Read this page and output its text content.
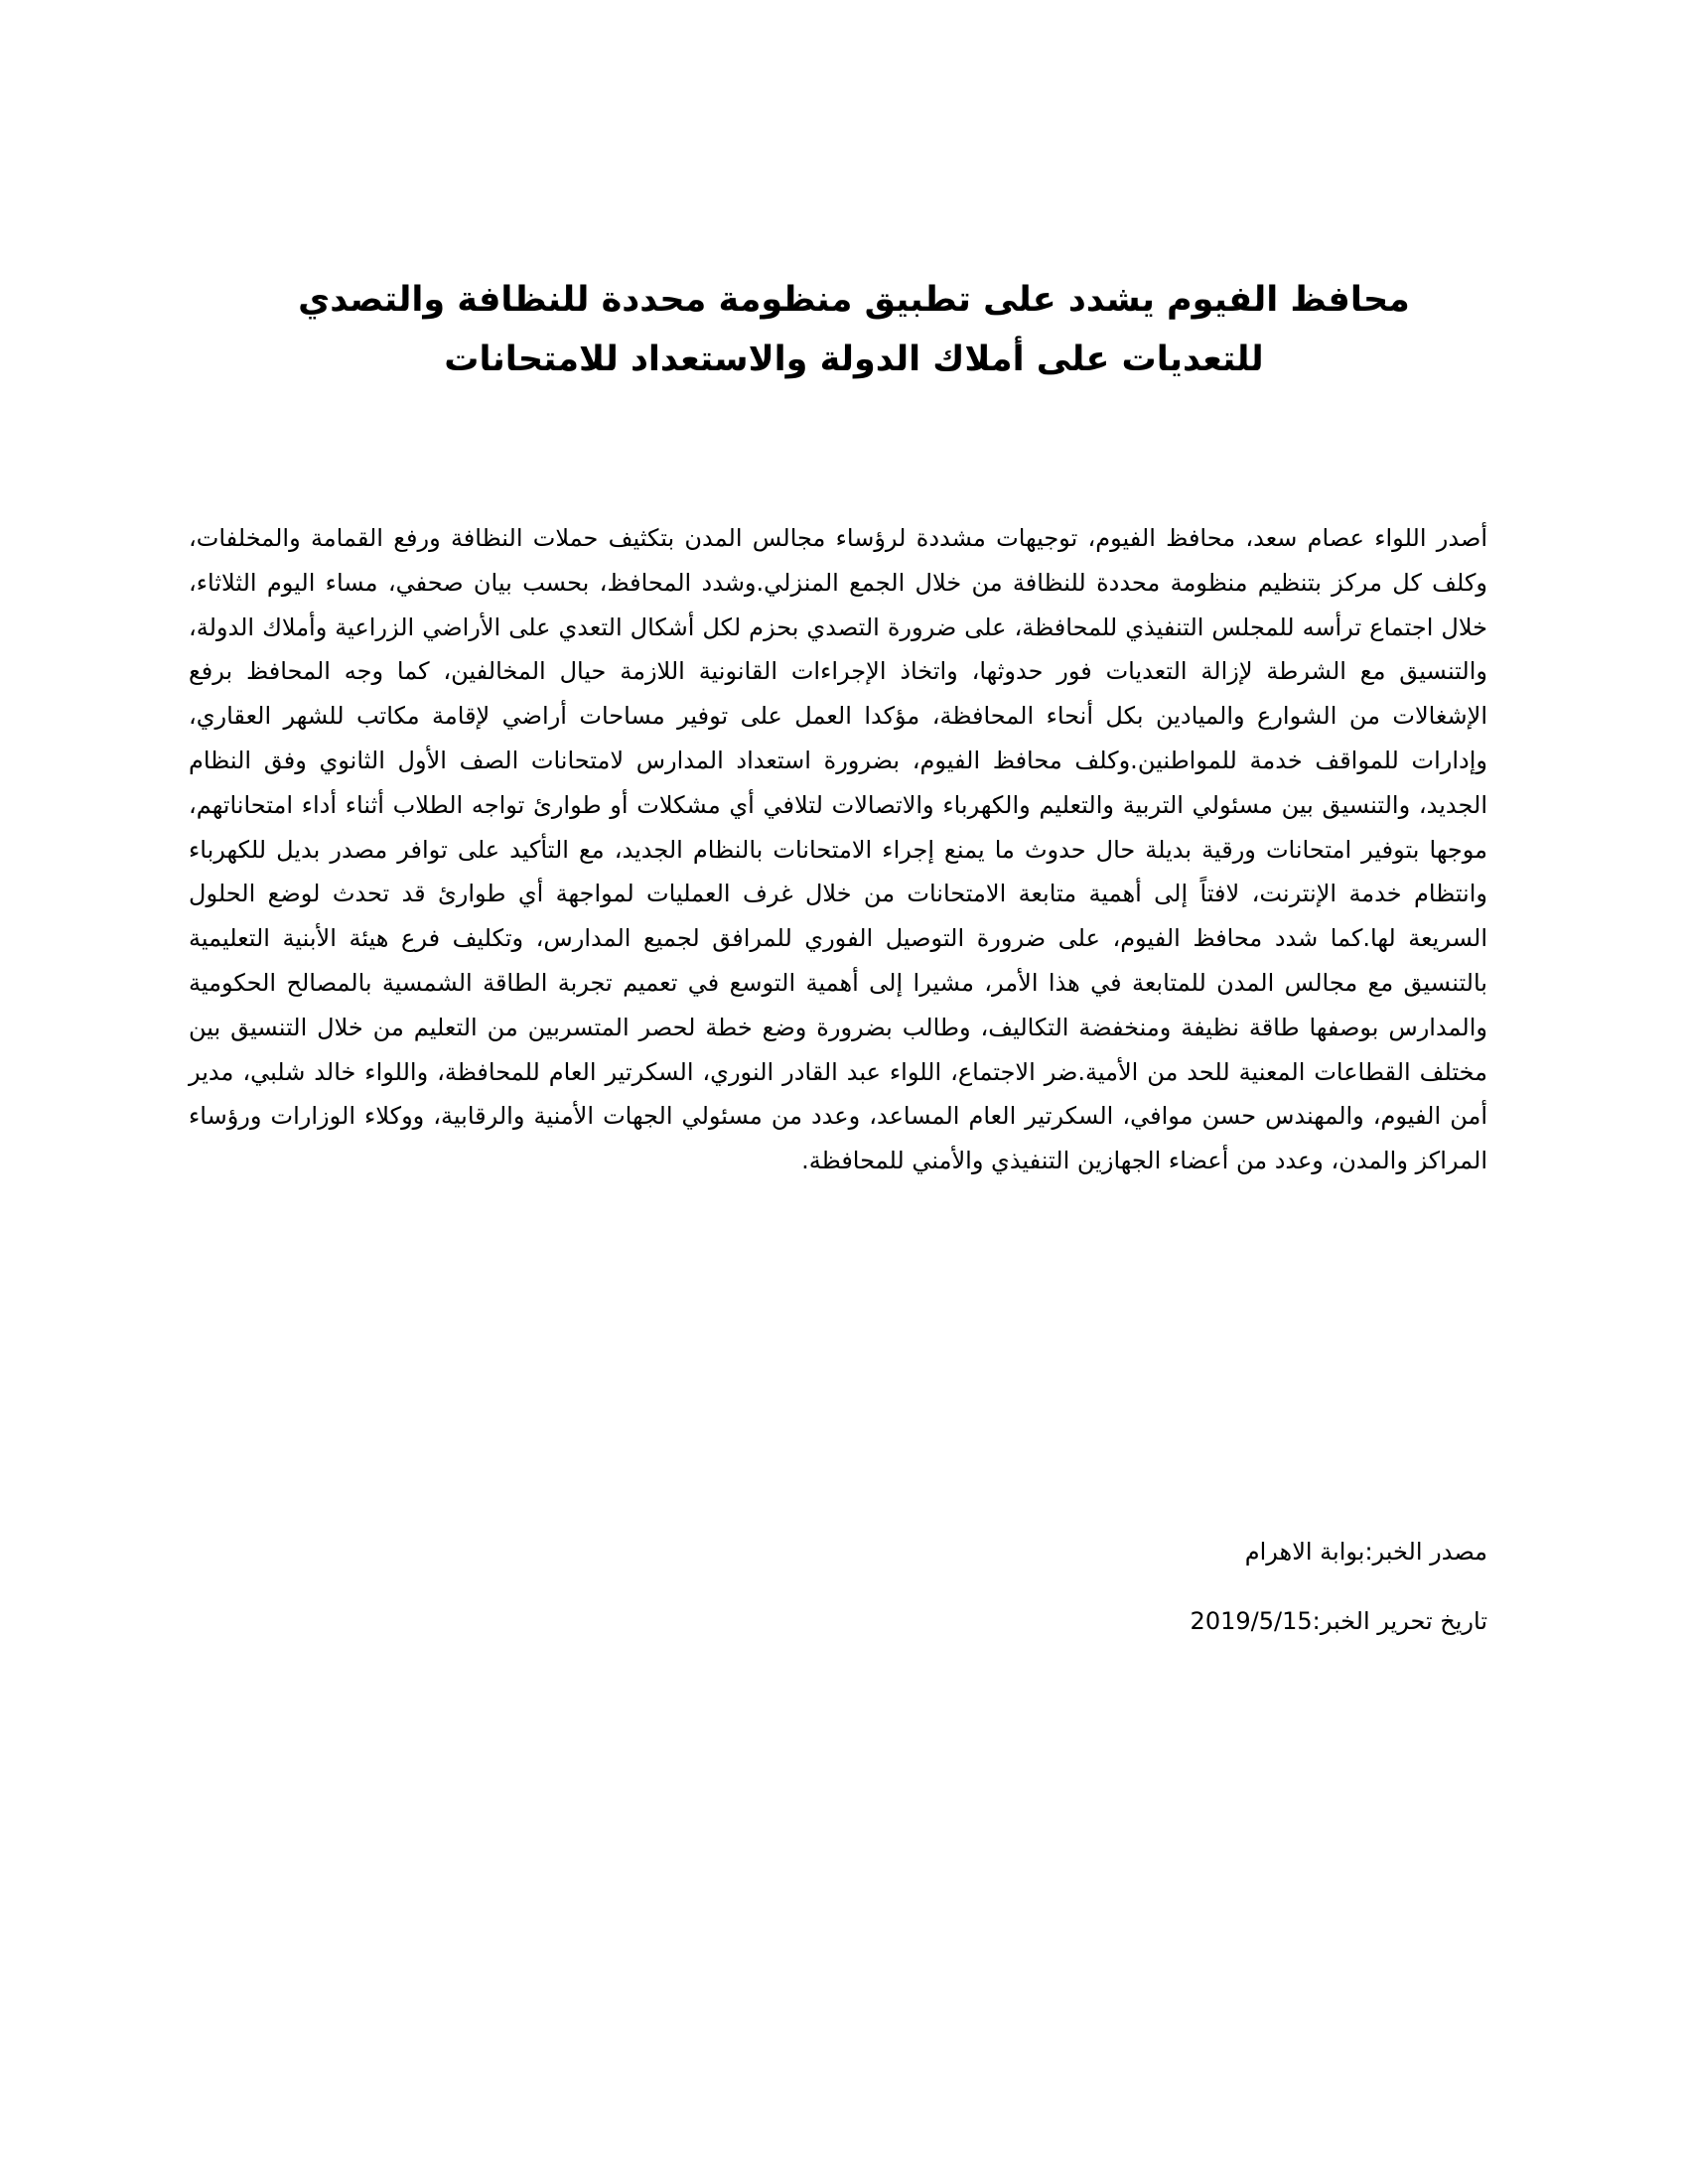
محافظ الفيوم يشدد على تطبيق منظومة محددة للنظافة والتصدي للتعديات على أملاك الدولة والاستعداد للامتحانات

أصدر اللواء عصام سعد، محافظ الفيوم، توجيهات مشددة لرؤساء مجالس المدن بتكثيف حملات النظافة ورفع القمامة والمخلفات، وكلف كل مركز بتنظيم منظومة محددة للنظافة من خلال الجمع المنزلي.وشدد المحافظ، بحسب بيان صحفي، مساء اليوم الثلاثاء، خلال اجتماع ترأسه للمجلس التنفيذي للمحافظة، على ضرورة التصدي بحزم لكل أشكال التعدي على الأراضي الزراعية وأملاك الدولة، والتنسيق مع الشرطة لإزالة التعديات فور حدوثها، واتخاذ الإجراءات القانونية اللازمة حيال المخالفين، كما وجه المحافظ برفع الإشغالات من الشوارع والميادين بكل أنحاء المحافظة، مؤكدا العمل على توفير مساحات أراضي لإقامة مكاتب للشهر العقاري، وإدارات للمواقف خدمة للمواطنين.وكلف محافظ الفيوم، بضرورة استعداد المدارس لامتحانات الصف الأول الثانوي وفق النظام الجديد، والتنسيق بين مسئولي التربية والتعليم والكهرباء والاتصالات لتلافي أي مشكلات أو طوارئ تواجه الطلاب أثناء أداء امتحاناتهم، موجها بتوفير امتحانات ورقية بديلة حال حدوث ما يمنع إجراء الامتحانات بالنظام الجديد، مع التأكيد على توافر مصدر بديل للكهرباء وانتظام خدمة الإنترنت، لافتاً إلى أهمية متابعة الامتحانات من خلال غرف العمليات لمواجهة أي طوارئ قد تحدث لوضع الحلول السريعة لها.كما شدد محافظ الفيوم، على ضرورة التوصيل الفوري للمرافق لجميع المدارس، وتكليف فرع هيئة الأبنية التعليمية بالتنسيق مع مجالس المدن للمتابعة في هذا الأمر، مشيرا إلى أهمية التوسع في تعميم تجربة الطاقة الشمسية بالمصالح الحكومية والمدارس بوصفها طاقة نظيفة ومنخفضة التكاليف، وطالب بضرورة وضع خطة لحصر المتسربين من التعليم من خلال التنسيق بين مختلف القطاعات المعنية للحد من الأمية.ضر الاجتماع، اللواء عبد القادر النوري، السكرتير العام للمحافظة، واللواء خالد شلبي، مدير أمن الفيوم، والمهندس حسن موافي، السكرتير العام المساعد، وعدد من مسئولي الجهات الأمنية والرقابية، ووكلاء الوزارات ورؤساء المراكز والمدن، وعدد من أعضاء الجهازين التنفيذي والأمني للمحافظة.

مصدر الخبر:بوابة الاهرام

تاريخ تحرير الخبر:2019/5/15
